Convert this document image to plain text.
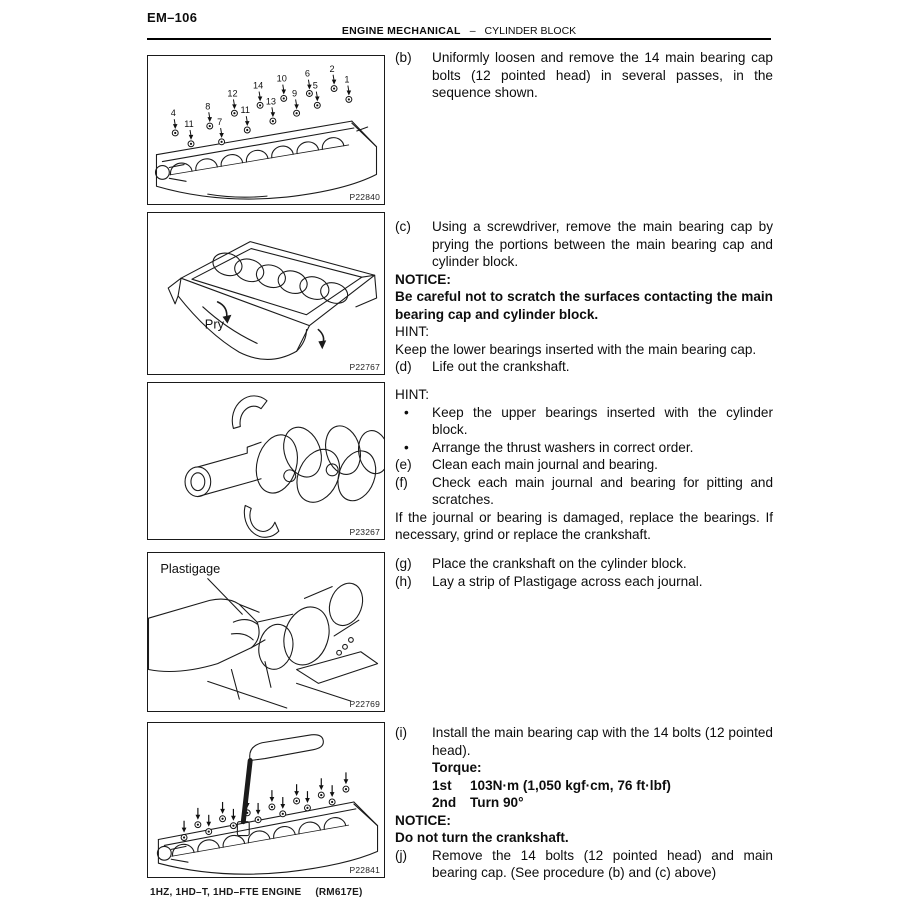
EM–106
ENGINE MECHANICAL – CYLINDER BLOCK
4
11
8
7
12
11
14
13
10
9
6
5
2
1
P22840
Pry
P22767
P23267
Plastigage
P22769
P22841
(b)	Uniformly loosen and remove the 14 main bearing cap bolts (12 pointed head) in several passes, in the sequence shown.
(c)	Using a screwdriver, remove the main bearing cap by prying the portions between the main bearing cap and cylinder block.
NOTICE:
Be careful not to scratch the surfaces contacting the main bearing cap and cylinder block.
HINT:
Keep the lower bearings inserted with the main bearing cap.
(d)	Life out the crankshaft.
HINT:
•	Keep the upper bearings inserted with the cylinder block.
•	Arrange the thrust washers in correct order.
(e)	Clean each main journal and bearing.
(f)	Check each main journal and bearing for pitting and scratches.
If the journal or bearing is damaged, replace the bearings. If necessary, grind or replace the crankshaft.
(g)	Place the crankshaft on the cylinder block.
(h)	Lay a strip of Plastigage across each journal.
(i)	Install the main bearing cap with the 14 bolts (12 pointed head).
Torque:
1st	103N·m (1,050 kgf·cm, 76 ft·lbf)
2nd	Turn 90°
NOTICE:
Do not turn the crankshaft.
(j)	Remove the 14 bolts (12 pointed head) and main bearing cap. (See procedure (b) and (c) above)
1HZ, 1HD–T, 1HD–FTE ENGINE (RM617E)
